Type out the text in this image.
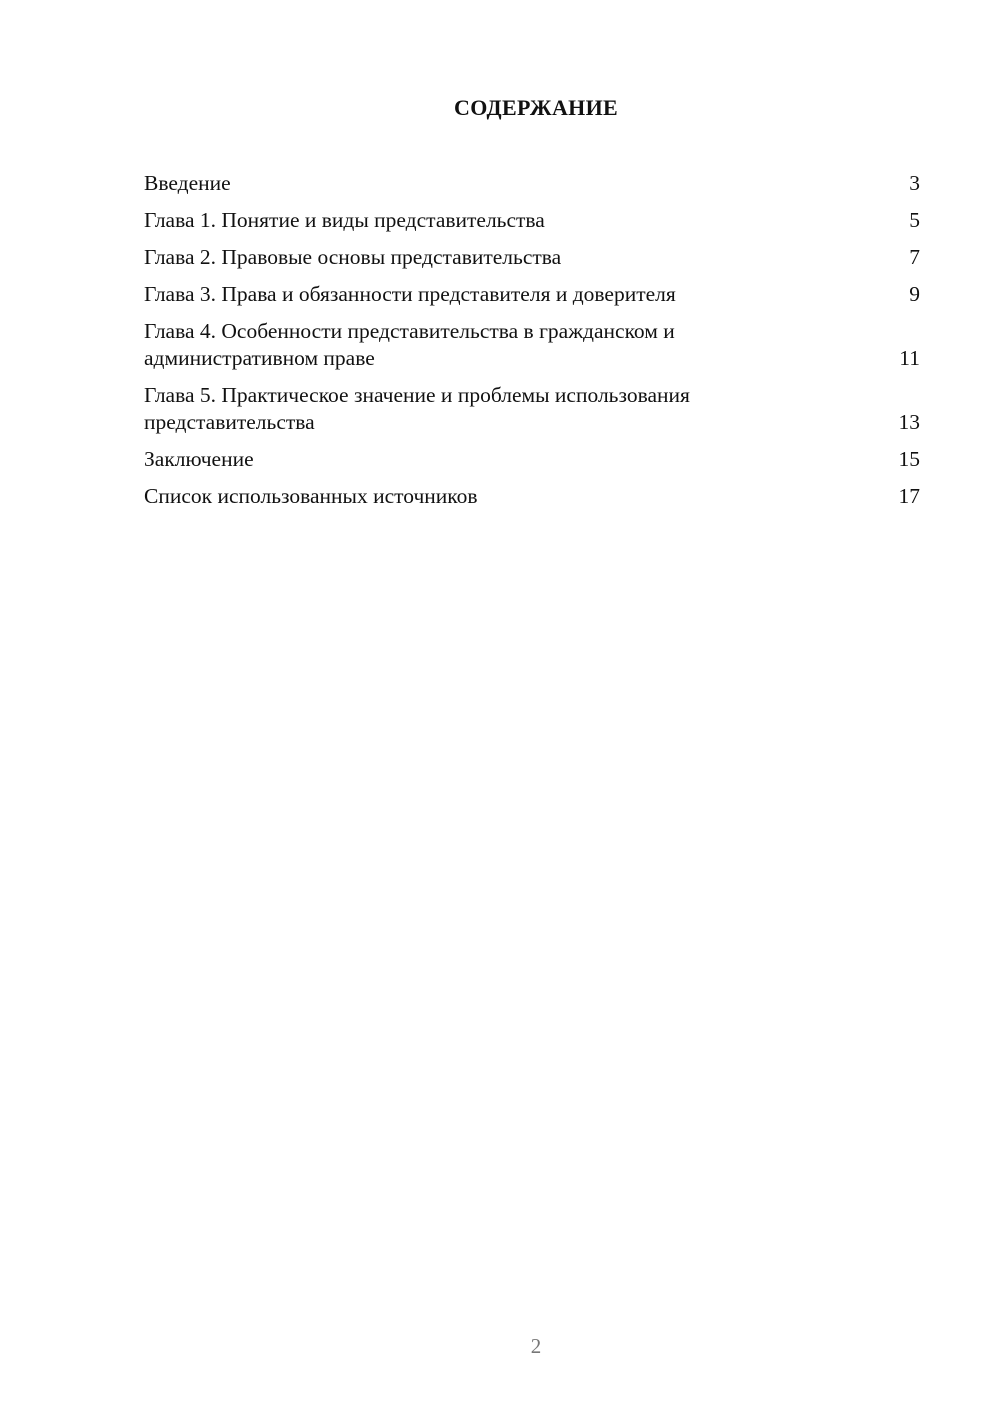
СОДЕРЖАНИЕ
Введение	3
Глава 1. Понятие и виды представительства	5
Глава 2. Правовые основы представительства	7
Глава 3. Права и обязанности представителя и доверителя	9
Глава 4. Особенности представительства в гражданском и административном праве	11
Глава 5. Практическое значение и проблемы использования представительства	13
Заключение	15
Список использованных источников	17
2
